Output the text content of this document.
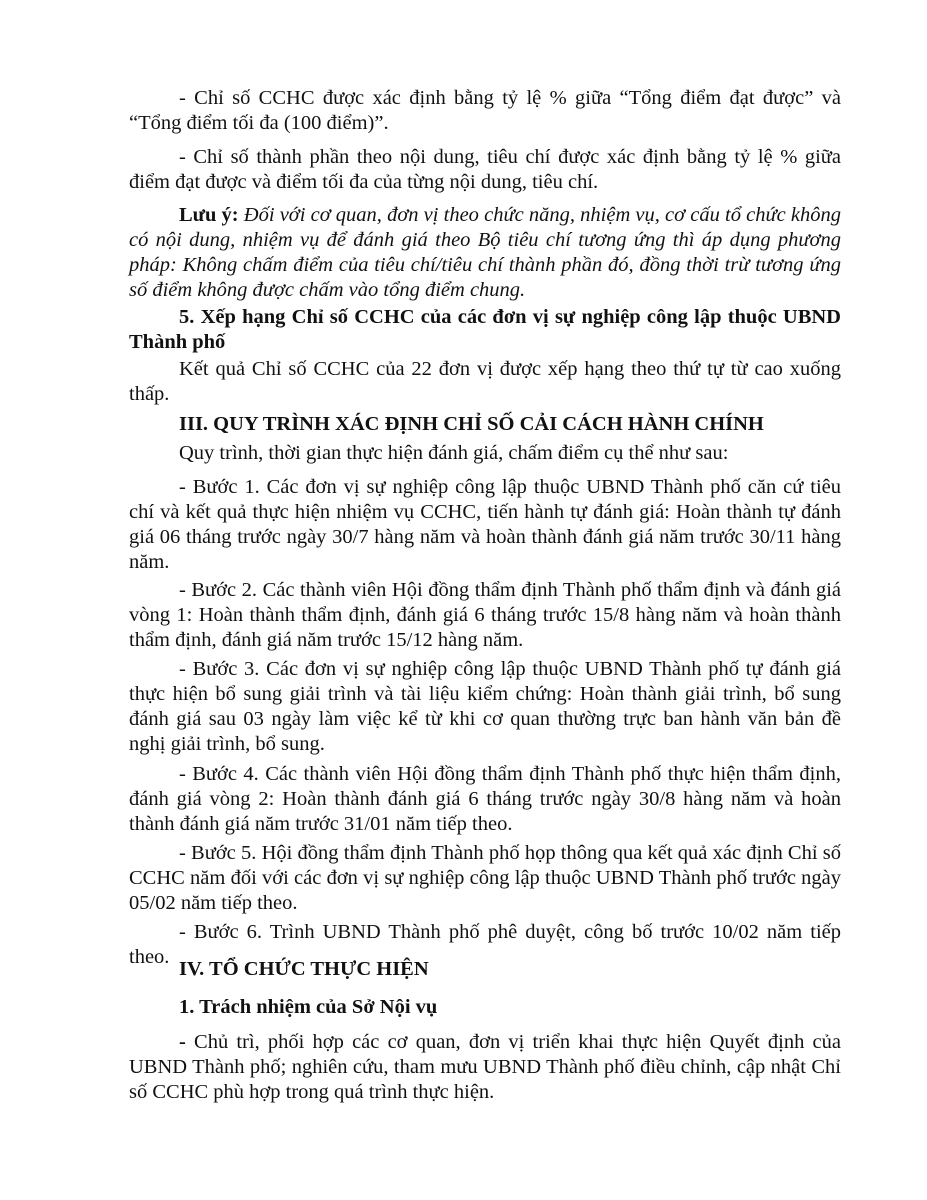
- Chỉ số CCHC được xác định bằng tỷ lệ % giữa “Tổng điểm đạt được” và “Tổng điểm tối đa (100 điểm)”.

- Chỉ số thành phần theo nội dung, tiêu chí được xác định bằng tỷ lệ % giữa điểm đạt được và điểm tối đa của từng nội dung, tiêu chí.

Lưu ý: Đối với cơ quan, đơn vị theo chức năng, nhiệm vụ, cơ cấu tổ chức không có nội dung, nhiệm vụ để đánh giá theo Bộ tiêu chí tương ứng thì áp dụng phương pháp: Không chấm điểm của tiêu chí/tiêu chí thành phần đó, đồng thời trừ tương ứng số điểm không được chấm vào tổng điểm chung.

5. Xếp hạng Chỉ số CCHC của các đơn vị sự nghiệp công lập thuộc UBND Thành phố

Kết quả Chỉ số CCHC của 22 đơn vị được xếp hạng theo thứ tự từ cao xuống thấp.

III. QUY TRÌNH XÁC ĐỊNH CHỈ SỐ CẢI CÁCH HÀNH CHÍNH

Quy trình, thời gian thực hiện đánh giá, chấm điểm cụ thể như sau:

- Bước 1. Các đơn vị sự nghiệp công lập thuộc UBND Thành phố căn cứ tiêu chí và kết quả thực hiện nhiệm vụ CCHC, tiến hành tự đánh giá: Hoàn thành tự đánh giá 06 tháng trước ngày 30/7 hàng năm và hoàn thành đánh giá năm trước 30/11 hàng năm.

- Bước 2. Các thành viên Hội đồng thẩm định Thành phố thẩm định và đánh giá vòng 1: Hoàn thành thẩm định, đánh giá 6 tháng trước 15/8 hàng năm và hoàn thành thẩm định, đánh giá năm trước 15/12 hàng năm.

- Bước 3. Các đơn vị sự nghiệp công lập thuộc UBND Thành phố tự đánh giá thực hiện bổ sung giải trình và tài liệu kiểm chứng: Hoàn thành giải trình, bổ sung đánh giá sau 03 ngày làm việc kể từ khi cơ quan thường trực ban hành văn bản đề nghị giải trình, bổ sung.

- Bước 4. Các thành viên Hội đồng thẩm định Thành phố thực hiện thẩm định, đánh giá vòng 2: Hoàn thành đánh giá 6 tháng trước ngày 30/8 hàng năm và hoàn thành đánh giá năm trước 31/01 năm tiếp theo.

- Bước 5. Hội đồng thẩm định Thành phố họp thông qua kết quả xác định Chỉ số CCHC năm đối với các đơn vị sự nghiệp công lập thuộc UBND Thành phố trước ngày 05/02 năm tiếp theo.

- Bước 6. Trình UBND Thành phố phê duyệt, công bố trước 10/02 năm tiếp theo.

IV. TỔ CHỨC THỰC HIỆN

1. Trách nhiệm của Sở Nội vụ

- Chủ trì, phối hợp các cơ quan, đơn vị triển khai thực hiện Quyết định của UBND Thành phố; nghiên cứu, tham mưu UBND Thành phố điều chỉnh, cập nhật Chỉ số CCHC phù hợp trong quá trình thực hiện.
